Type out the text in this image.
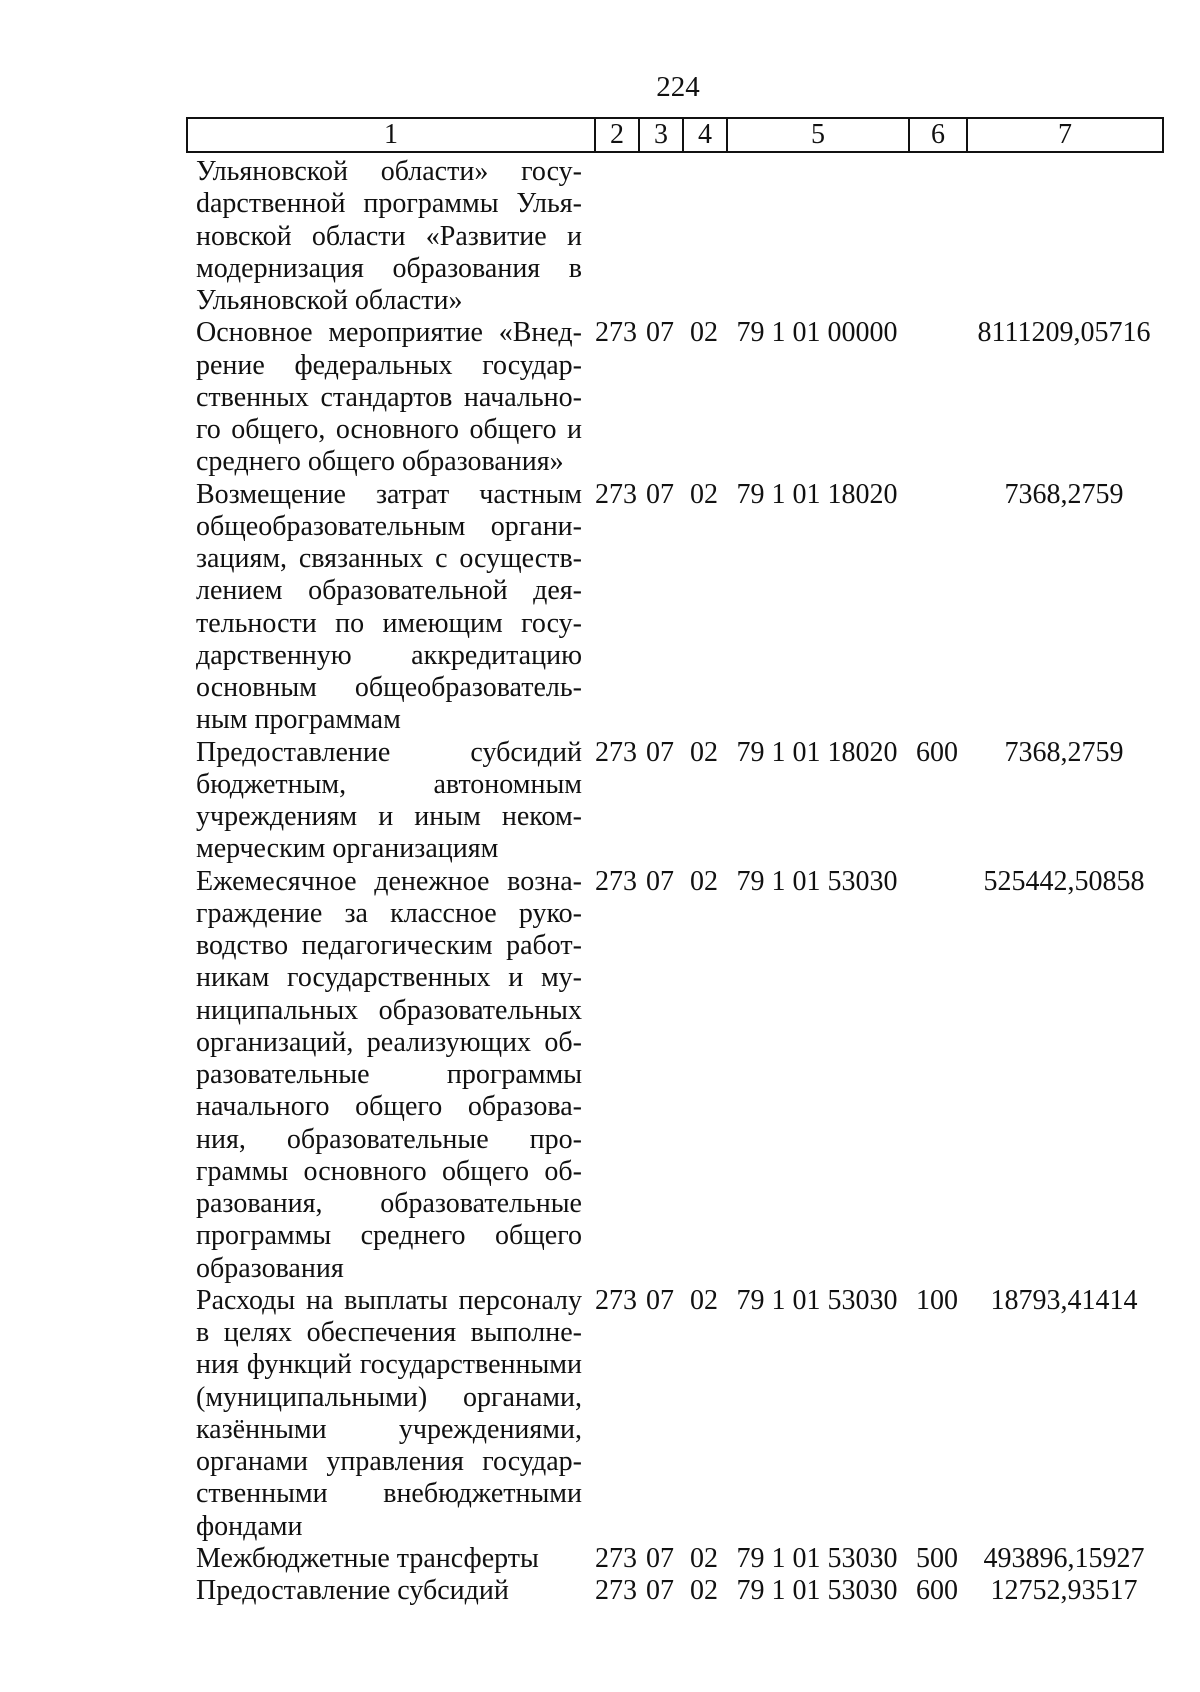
224
1	2	3	4	5	6	7
Ульяновской области» госуdарственной программы Ульяновской области «Развитие и модернизация образования в Ульяновской области»						

Основное мероприятие «Внедрение федеральных государственных стандартов начального общего, основного общего и среднего общего образования»	273	07	02	79 1 01 00000		8111209,05716

Возмещение затрат частным общеобразовательным организациям, связанных с осуществлением образовательной деятельности по имеющим государственную аккредитацию основным общеобразовательным программам	273	07	02	79 1 01 18020		7368,2759

Предоставление субсидий бюджетным, автономным учреждениям и иным некоммерческим организациям	273	07	02	79 1 01 18020	600	7368,2759

Ежемесячное денежное вознаграждение за классное руководство педагогическим работникам государственных и муниципальных образовательных организаций, реализующих образовательные программы начального общего образования, образовательные программы основного общего образования, образовательные программы среднего общего образования	273	07	02	79 1 01 53030		525442,50858

Расходы на выплаты персоналу в целях обеспечения выполнения функций государственными (муниципальными) органами, казёнными учреждениями, органами управления государственными внебюджетными фондами	273	07	02	79 1 01 53030	100	18793,41414

Межбюджетные трансферты	273	07	02	79 1 01 53030	500	493896,15927

Предоставление субсидий	273	07	02	79 1 01 53030	600	12752,93517
